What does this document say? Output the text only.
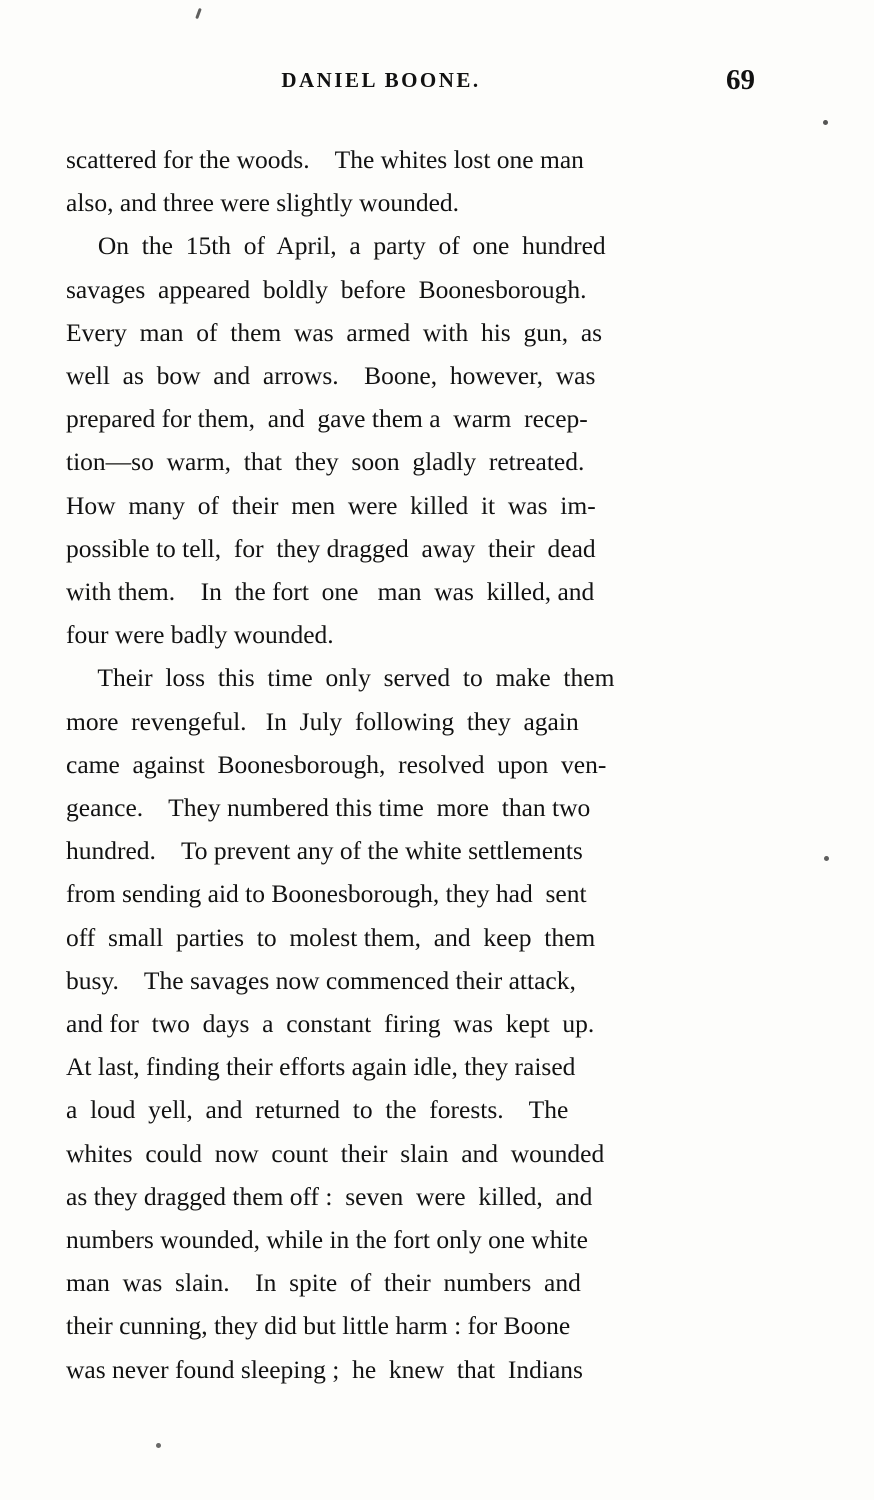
DANIEL BOONE.	69
scattered for the woods.    The whites lost one man
also, and three were slightly wounded.
On  the  15th  of  April,  a  party  of  one  hundred
savages  appeared  boldly  before  Boonesborough.
Every  man  of  them  was  armed  with  his  gun,  as
well  as  bow  and  arrows.    Boone,  however,  was
prepared for them,  and  gave them a  warm  recep-
tion—so  warm,  that  they  soon  gladly  retreated.
How  many  of  their  men  were  killed  it  was  im-
possible to tell,  for  they dragged  away  their  dead
with them.    In  the fort  one   man  was  killed, and
four were badly wounded.
Their  loss  this  time  only  served  to  make  them
more  revengeful.   In  July  following  they  again
came  against  Boonesborough,  resolved  upon  ven-
geance.    They numbered this time  more  than two
hundred.    To prevent any of the white settlements
from sending aid to Boonesborough, they had  sent
off  small  parties  to  molest them,  and  keep  them
busy.    The savages now commenced their attack,
and for  two  days  a  constant  firing  was  kept  up.
At last, finding their efforts again idle, they raised
a  loud  yell,  and  returned  to  the  forests.    The
whites  could  now  count  their  slain  and  wounded
as they dragged them off :  seven  were  killed,  and
numbers wounded, while in the fort only one white
man  was  slain.    In  spite  of  their  numbers  and
their cunning, they did but little harm : for Boone
was never found sleeping ;  he  knew  that  Indians
